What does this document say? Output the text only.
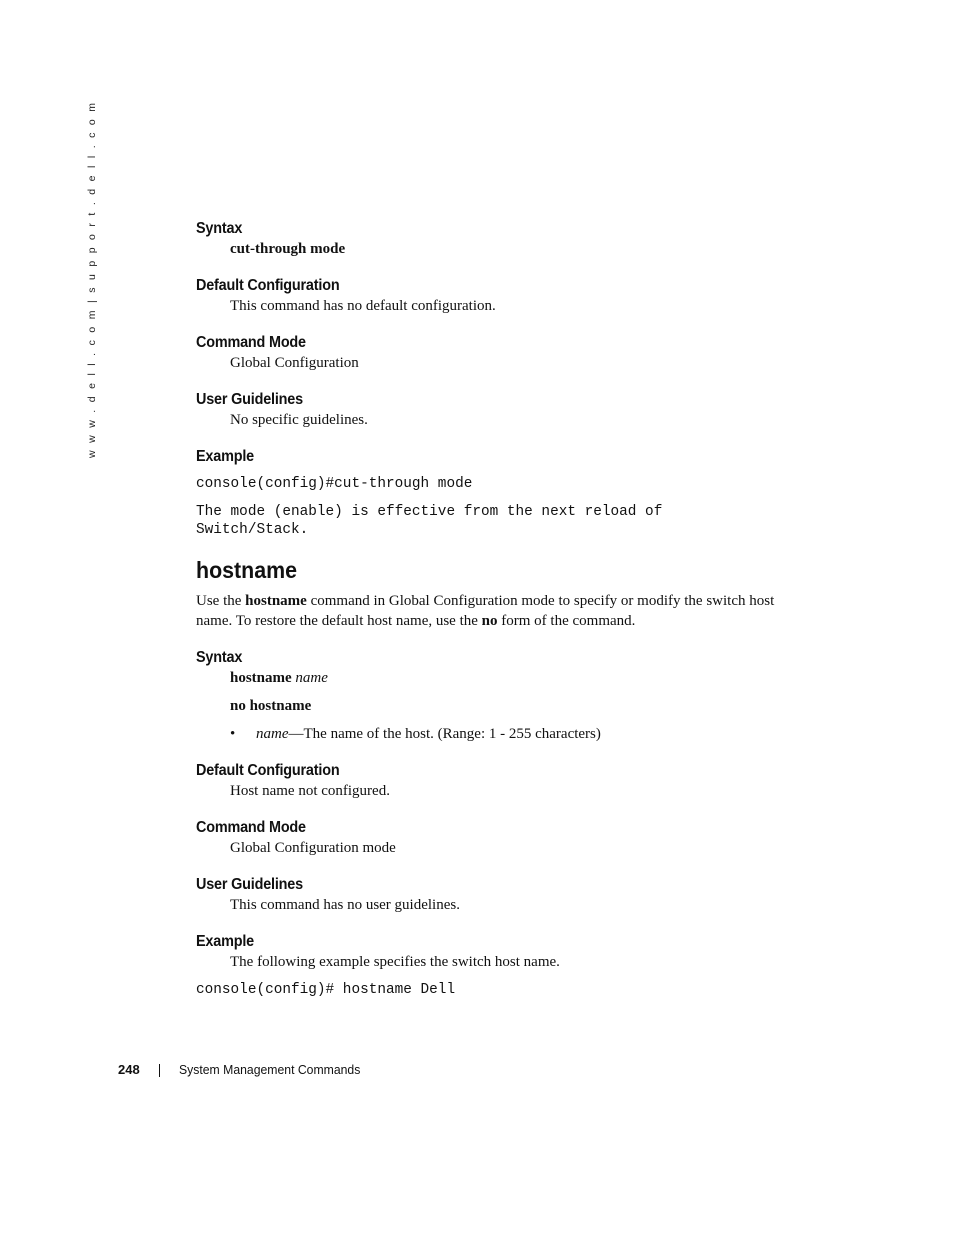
w w w . d e l l . c o m | s u p p o r t . d e l l . c o m	Syntax

cut-through mode

Default Configuration

This command has no default configuration.

Command Mode

Global Configuration

User Guidelines

No specific guidelines.

Example

console(config)#cut-through mode

The mode (enable) is effective from the next reload of
Switch/Stack.

hostname

Use the hostname command in Global Configuration mode to specify or modify the switch host name. To restore the default host name, use the no form of the command.

Syntax

hostname name

no hostname

• name—The name of the host. (Range: 1 - 255 characters)

Default Configuration

Host name not configured.

Command Mode

Global Configuration mode

User Guidelines

This command has no user guidelines.

Example

The following example specifies the switch host name.

console(config)# hostname Dell

248	System Management Commands
